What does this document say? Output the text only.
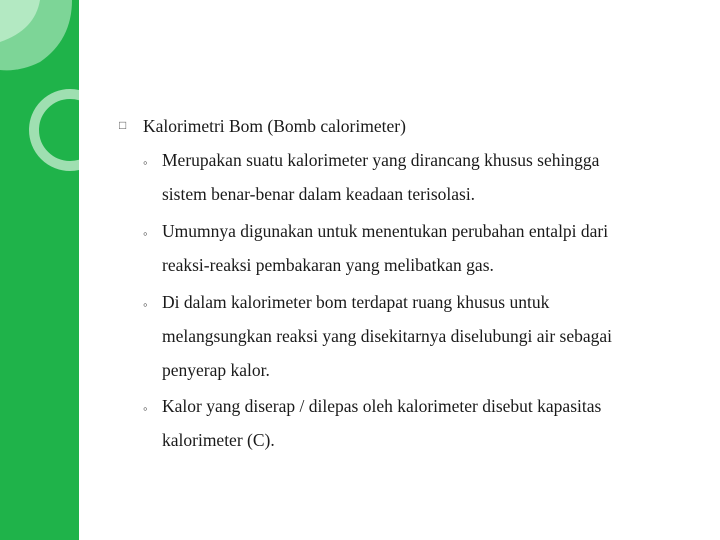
□ Kalorimetri Bom (Bomb calorimeter)
◦ Merupakan suatu kalorimeter yang dirancang khusus sehingga
sistem benar-benar dalam keadaan terisolasi.
◦ Umumnya digunakan untuk menentukan perubahan entalpi dari
reaksi-reaksi pembakaran yang melibatkan gas.
◦ Di dalam kalorimeter bom terdapat ruang khusus untuk
melangsungkan reaksi yang disekitarnya diselubungi air sebagai
penyerap kalor.
◦ Kalor yang diserap / dilepas oleh kalorimeter disebut kapasitas
kalorimeter (C).
